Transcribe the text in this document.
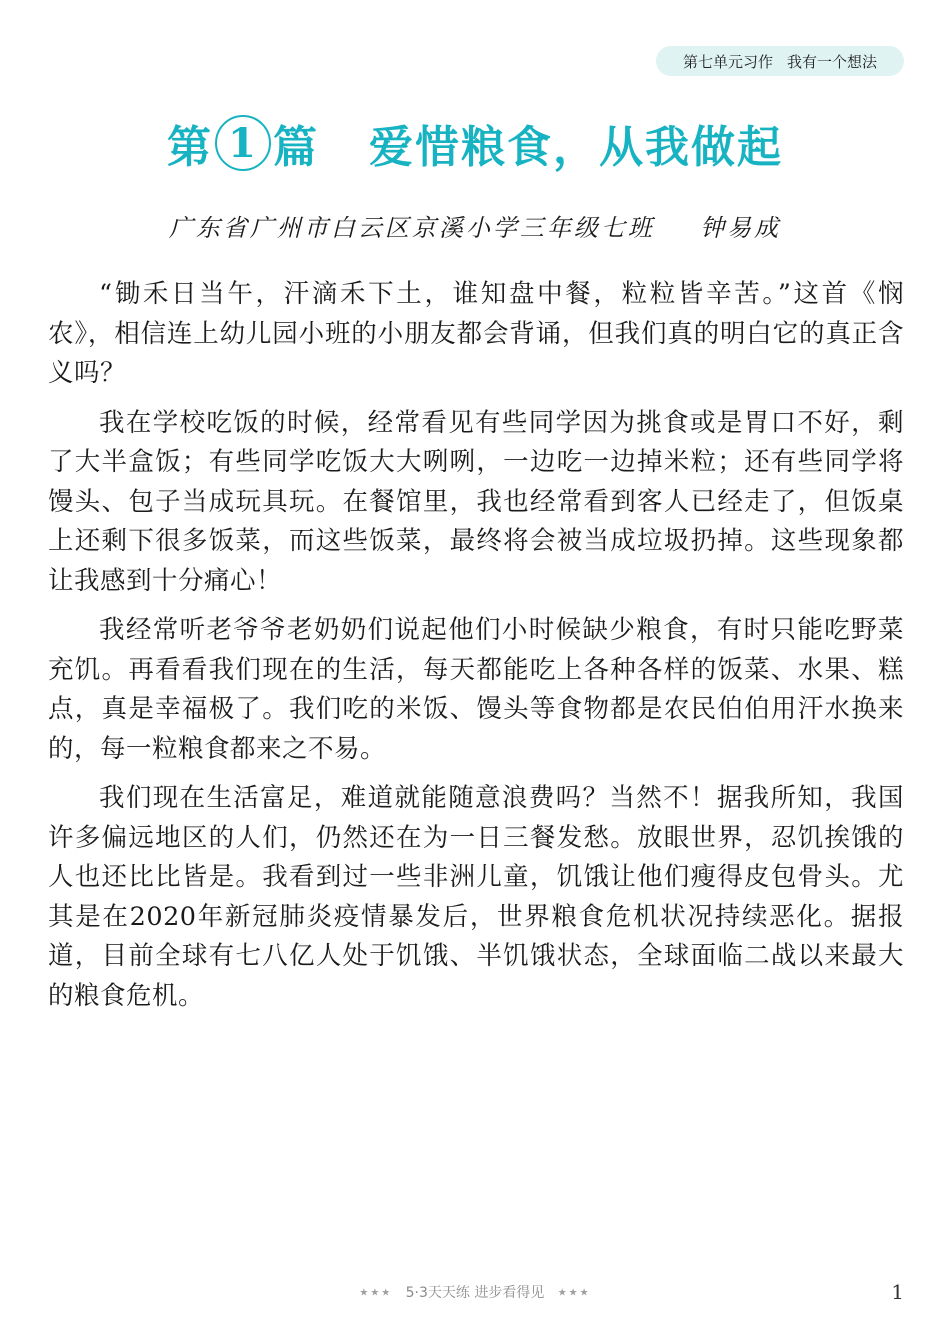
第七单元习作 我有一个想法
第 1 篇 爱惜粮食，从我做起
广东省广州市白云区京溪小学三年级七班 钟易成

“锄禾日当午，汗滴禾下土，谁知盘中餐，粒粒皆辛苦。”这首《悯农》，相信连上幼儿园小班的小朋友都会背诵，但我们真的明白它的真正含义吗？

我在学校吃饭的时候，经常看见有些同学因为挑食或是胃口不好，剩了大半盒饭；有些同学吃饭大大咧咧，一边吃一边掉米粒；还有些同学将馒头、包子当成玩具玩。在餐馆里，我也经常看到客人已经走了，但饭桌上还剩下很多饭菜，而这些饭菜，最终将会被当成垃圾扔掉。这些现象都让我感到十分痛心！

我经常听老爷爷老奶奶们说起他们小时候缺少粮食，有时只能吃野菜充饥。再看看我们现在的生活，每天都能吃上各种各样的饭菜、水果、糕点，真是幸福极了。我们吃的米饭、馒头等食物都是农民伯伯用汗水换来的，每一粒粮食都来之不易。

我们现在生活富足，难道就能随意浪费吗？当然不！据我所知，我国许多偏远地区的人们，仍然还在为一日三餐发愁。放眼世界，忍饥挨饿的人也还比比皆是。我看到过一些非洲儿童，饥饿让他们瘦得皮包骨头。尤其是在2020年新冠肺炎疫情暴发后，世界粮食危机状况持续恶化。据报道，目前全球有七八亿人处于饥饿、半饥饿状态，全球面临二战以来最大的粮食危机。

★★★ 5·3天天练 进步看得见 ★★★	1
